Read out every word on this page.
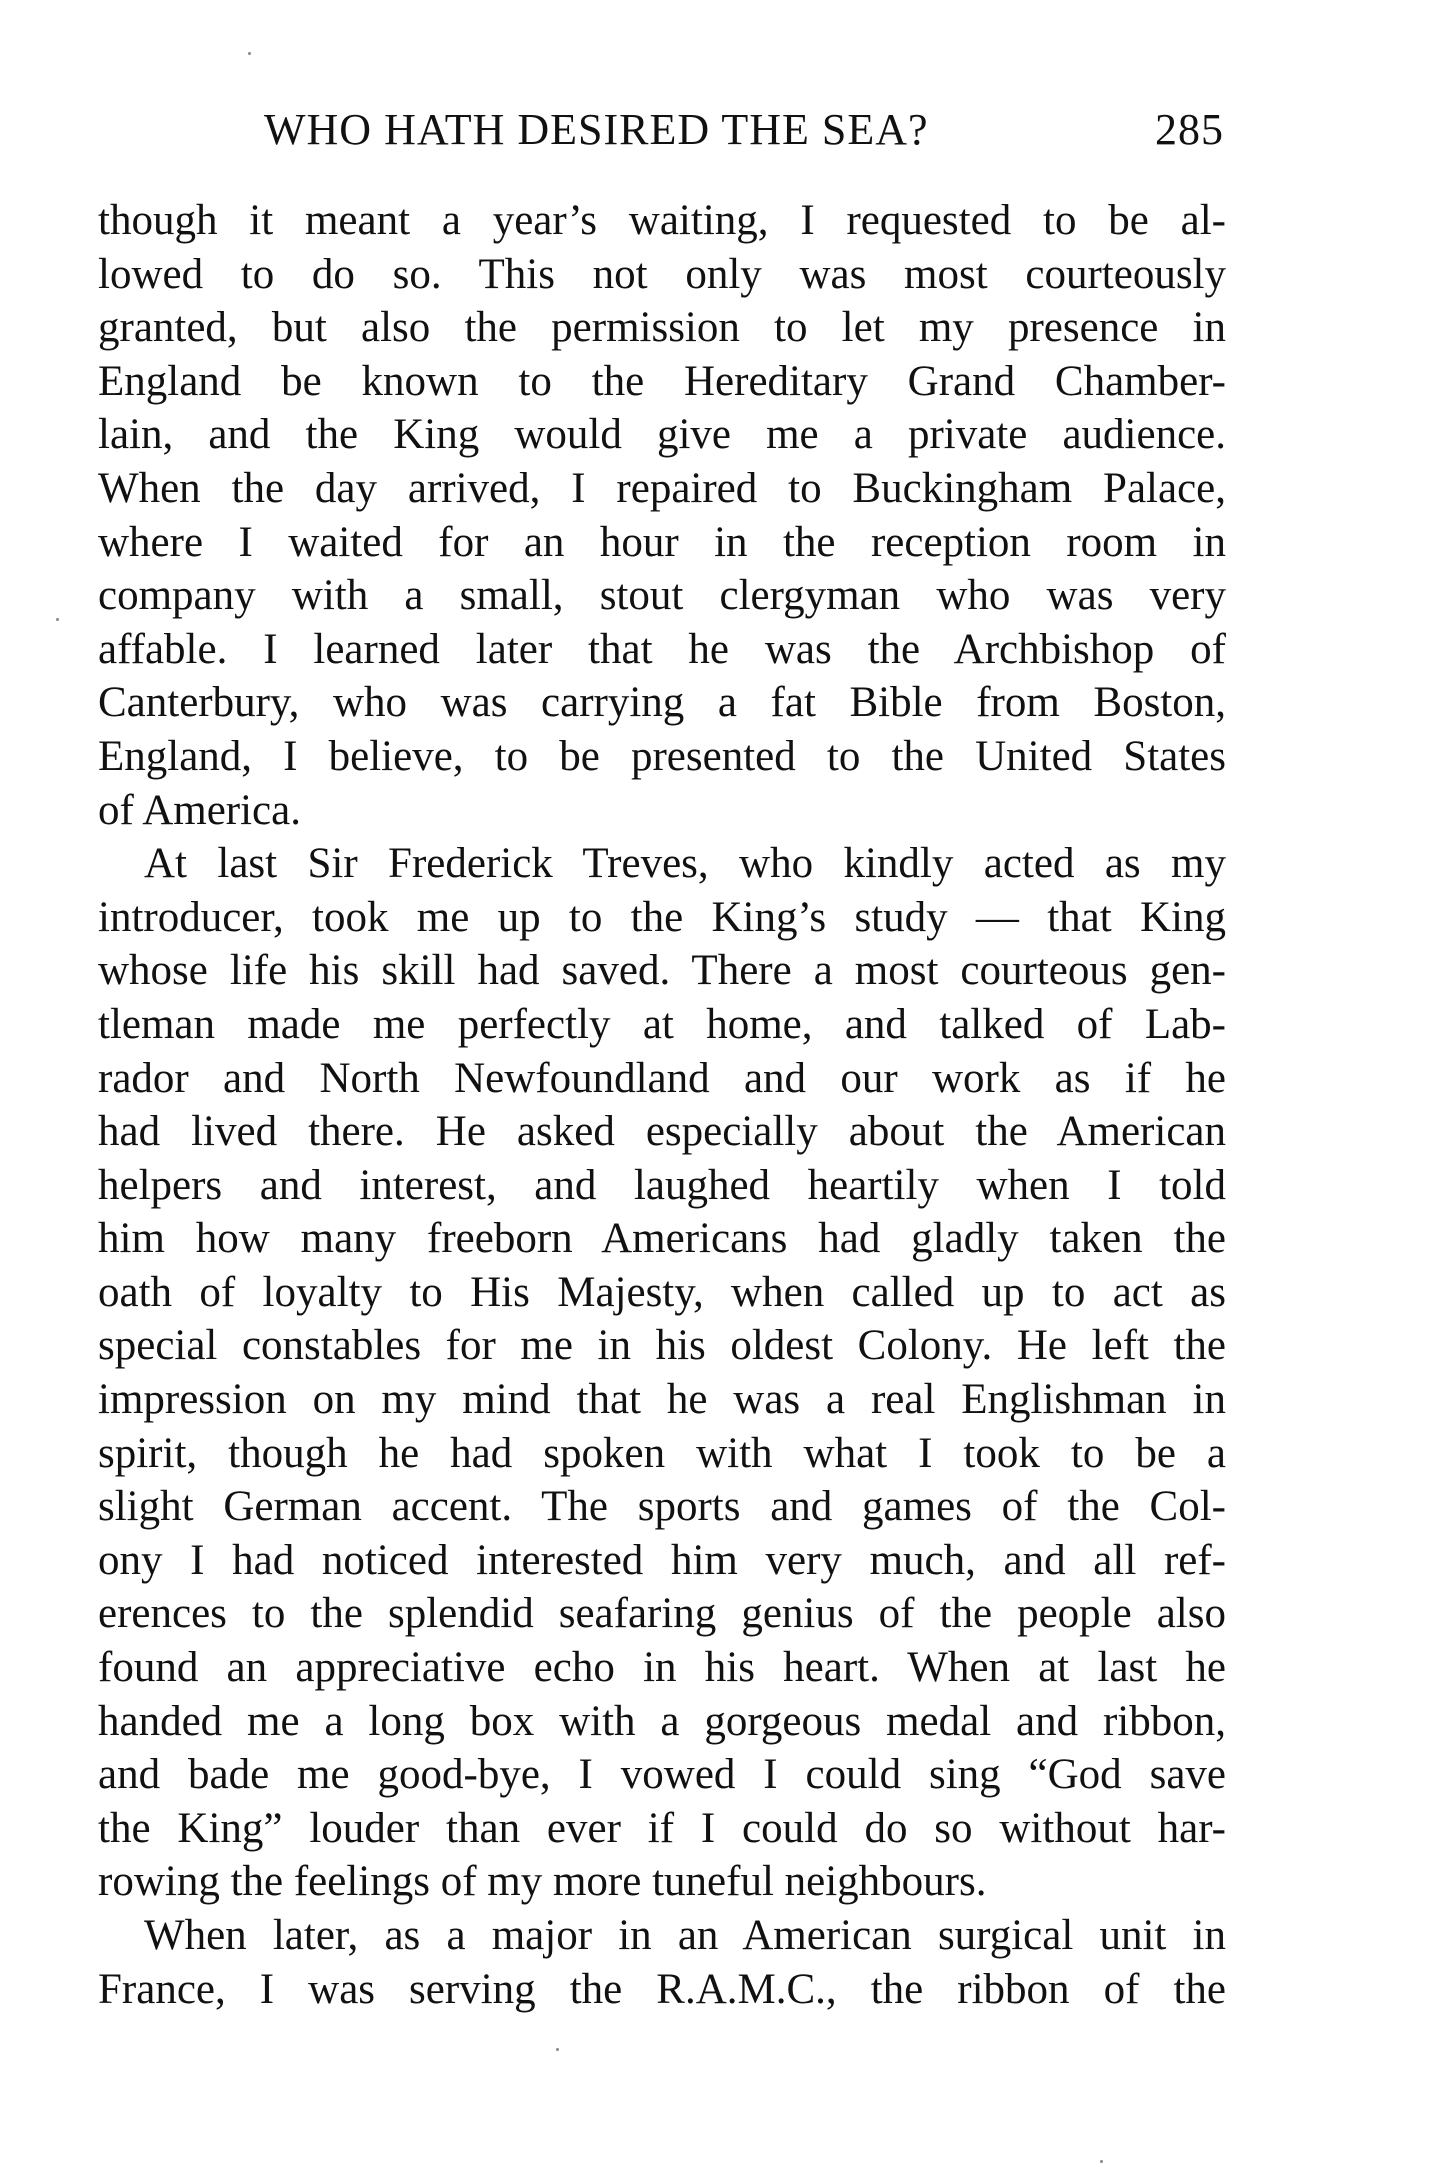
WHO HATH DESIRED THE SEA?	285
though it meant a year’s waiting, I requested to be al-
lowed to do so. This not only was most courteously
granted, but also the permission to let my presence in
England be known to the Hereditary Grand Chamber-
lain, and the King would give me a private audience.
When the day arrived, I repaired to Buckingham Palace,
where I waited for an hour in the reception room in
company with a small, stout clergyman who was very
affable. I learned later that he was the Archbishop of
Canterbury, who was carrying a fat Bible from Boston,
England, I believe, to be presented to the United States
of America.
At last Sir Frederick Treves, who kindly acted as my
introducer, took me up to the King’s study — that King
whose life his skill had saved. There a most courteous gen-
tleman made me perfectly at home, and talked of Lab-
rador and North Newfoundland and our work as if he
had lived there. He asked especially about the American
helpers and interest, and laughed heartily when I told
him how many freeborn Americans had gladly taken the
oath of loyalty to His Majesty, when called up to act as
special constables for me in his oldest Colony. He left the
impression on my mind that he was a real Englishman in
spirit, though he had spoken with what I took to be a
slight German accent. The sports and games of the Col-
ony I had noticed interested him very much, and all ref-
erences to the splendid seafaring genius of the people also
found an appreciative echo in his heart. When at last he
handed me a long box with a gorgeous medal and ribbon,
and bade me good-bye, I vowed I could sing “God save
the King” louder than ever if I could do so without har-
rowing the feelings of my more tuneful neighbours.
When later, as a major in an American surgical unit in
France, I was serving the R.A.M.C., the ribbon of the
